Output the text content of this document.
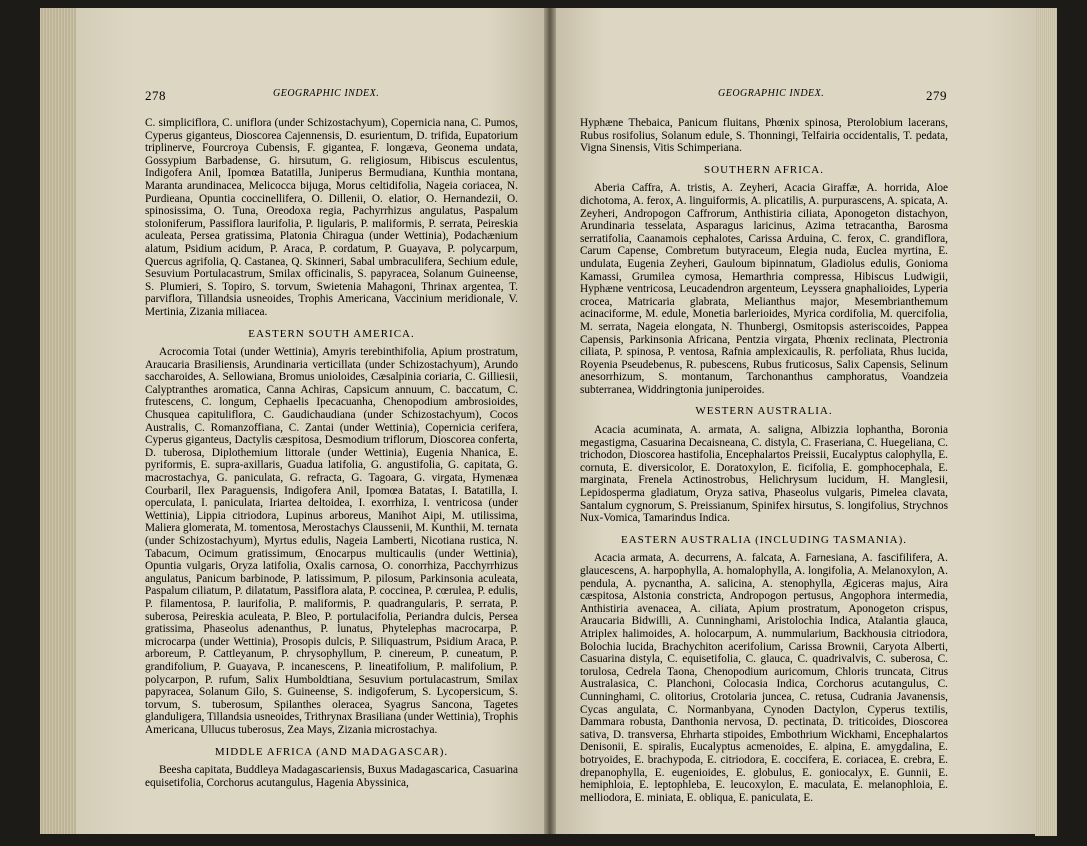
278	GEOGRAPHIC INDEX.	GEOGRAPHIC INDEX.	279

C. simpliciflora, C. uniflora (under Schizostachyum), Copernicia nana, C. Pumos, Cyperus giganteus, Dioscorea Cajennensis, D. esurientum, D. trifida, Eupatorium triplinerve, Fourcroya Cubensis, F. gigantea, F. longæva, Geonema undata, Gossypium Barbadense, G. hirsutum, G. religiosum, Hibiscus esculentus, Indigofera Anil, Ipomœa Batatilla, Juniperus Bermudiana, Kunthia montana, Maranta arundinacea, Melicocca bijuga, Morus celtidifolia, Nageia coriacea, N. Purdieana, Opuntia coccinellifera, O. Dillenii, O. elatior, O. Hernandezii, O. spinosissima, O. Tuna, Oreodoxa regia, Pachyrrhizus angulatus, Paspalum stoloniferum, Passiflora laurifolia, P. ligularis, P. maliformis, P. serrata, Peireskia aculeata, Persea gratissima, Platonia Chiragua (under Wettinia), Podachænium alatum, Psidium acidum, P. Araca, P. cordatum, P. Guayava, P. polycarpum, Quercus agrifolia, Q. Castanea, Q. Skinneri, Sabal umbraculifera, Sechium edule, Sesuvium Portulacastrum, Smilax officinalis, S. papyracea, Solanum Guineense, S. Plumieri, S. Topiro, S. torvum, Swietenia Mahagoni, Thrinax argentea, T. parviflora, Tillandsia usneoides, Trophis Americana, Vaccinium meridionale, V. Mertinia, Zizania miliacea.

EASTERN SOUTH AMERICA.

Acrocomia Totai (under Wettinia), Amyris terebinthifolia, Apium prostratum, Araucaria Brasiliensis, Arundinaria verticillata (under Schizostachyum), Arundo saccharoides, A. Sellowiana, Bromus unioloides, Cæsalpinia coriaria, C. Gilliesii, Calyptranthes aromatica, Canna Achiras, Capsicum annuum, C. baccatum, C. frutescens, C. longum, Cephaelis Ipecacuanha, Chenopodium ambrosioides, Chusquea capituliflora, C. Gaudichaudiana (under Schizostachyum), Cocos Australis, C. Romanzoffiana, C. Zantai (under Wettinia), Copernicia cerifera, Cyperus giganteus, Dactylis cæspitosa, Desmodium triflorum, Dioscorea conferta, D. tuberosa, Diplothemium littorale (under Wettinia), Eugenia Nhanica, E. pyriformis, E. supra-axillaris, Guadua latifolia, G. angustifolia, G. capitata, G. macrostachya, G. paniculata, G. refracta, G. Tagoara, G. virgata, Hymenæa Courbaril, Ilex Paraguensis, Indigofera Anil, Ipomœa Batatas, I. Batatilla, I. operculata, I. paniculata, Iriartea deltoidea, I. exorrhiza, I. ventricosa (under Wettinia), Lippia citriodora, Lupinus arboreus, Manihot Aipi, M. utilissima, Maliera glomerata, M. tomentosa, Merostachys Claussenii, M. Kunthii, M. ternata (under Schizostachyum), Myrtus edulis, Nageia Lamberti, Nicotiana rustica, N. Tabacum, Ocimum gratissimum, Œnocarpus multicaulis (under Wettinia), Opuntia vulgaris, Oryza latifolia, Oxalis carnosa, O. conorrhiza, Pacchyrrhizus angulatus, Panicum barbinode, P. latissimum, P. pilosum, Parkinsonia aculeata, Paspalum ciliatum, P. dilatatum, Passiflora alata, P. coccinea, P. cœrulea, P. edulis, P. filamentosa, P. laurifolia, P. maliformis, P. quadrangularis, P. serrata, P. suberosa, Peireskia aculeata, P. Bleo, P. portulacifolia, Periandra dulcis, Persea gratissima, Phaseolus adenanthus, P. lunatus, Phytelephas macrocarpa, P. microcarpa (under Wettinia), Prosopis dulcis, P. Siliquastrum, Psidium Araca, P. arboreum, P. Cattleyanum, P. chrysophyllum, P. cinereum, P. cuneatum, P. grandifolium, P. Guayava, P. incanescens, P. lineatifolium, P. malifolium, P. polycarpon, P. rufum, Salix Humboldtiana, Sesuvium portulacastrum, Smilax papyracea, Solanum Gilo, S. Guineense, S. indigoferum, S. Lycopersicum, S. torvum, S. tuberosum, Spilanthes oleracea, Syagrus Sancona, Tagetes glanduligera, Tillandsia usneoides, Trithrynax Brasiliana (under Wettinia), Trophis Americana, Ullucus tuberosus, Zea Mays, Zizania microstachya.

MIDDLE AFRICA (AND MADAGASCAR).

Beesha capitata, Buddleya Madagascariensis, Buxus Madagascarica, Casuarina equisetifolia, Corchorus acutangulus, Hagenia Abyssinica,

Hyphæne Thebaica, Panicum fluitans, Phœnix spinosa, Pterolobium lacerans, Rubus rosifolius, Solanum edule, S. Thonningi, Telfairia occidentalis, T. pedata, Vigna Sinensis, Vitis Schimperiana.

SOUTHERN AFRICA.

Aberia Caffra, A. tristis, A. Zeyheri, Acacia Giraffæ, A. horrida, Aloe dichotoma, A. ferox, A. linguiformis, A. plicatilis, A. purpurascens, A. spicata, A. Zeyheri, Andropogon Caffrorum, Anthistiria ciliata, Aponogeton distachyon, Arundinaria tesselata, Asparagus laricinus, Azima tetracantha, Barosma serratifolia, Caanamois cephalotes, Carissa Arduina, C. ferox, C. grandiflora, Carum Capense, Combretum butyraceum, Elegia nuda, Euclea myrtina, E. undulata, Eugenia Zeyheri, Gauloum bipinnatum, Gladiolus edulis, Gonioma Kamassi, Grumilea cymosa, Hemarthria compressa, Hibiscus Ludwigii, Hyphæne ventricosa, Leucadendron argenteum, Leyssera gnaphalioides, Lyperia crocea, Matricaria glabrata, Melianthus major, Mesembrianthemum acinaciforme, M. edule, Monetia barlerioides, Myrica cordifolia, M. quercifolia, M. serrata, Nageia elongata, N. Thunbergi, Osmitopsis asteriscoides, Pappea Capensis, Parkinsonia Africana, Pentzia virgata, Phœnix reclinata, Plectronia ciliata, P. spinosa, P. ventosa, Rafnia amplexicaulis, R. perfoliata, Rhus lucida, Royenia Pseudebenus, R. pubescens, Rubus fruticosus, Salix Capensis, Selinum anesorrhizum, S. montanum, Tarchonanthus camphoratus, Voandzeia subterranea, Widdringtonia juniperoides.

WESTERN AUSTRALIA.

Acacia acuminata, A. armata, A. saligna, Albizzia lophantha, Boronia megastigma, Casuarina Decaisneana, C. distyla, C. Fraseriana, C. Huegeliana, C. trichodon, Dioscorea hastifolia, Encephalartos Preissii, Eucalyptus calophylla, E. cornuta, E. diversicolor, E. Doratoxylon, E. ficifolia, E. gomphocephala, E. marginata, Frenela Actinostrobus, Helichrysum lucidum, H. Manglesii, Lepidosperma gladiatum, Oryza sativa, Phaseolus vulgaris, Pimelea clavata, Santalum cygnorum, S. Preissianum, Spinifex hirsutus, S. longifolius, Strychnos Nux-Vomica, Tamarindus Indica.

EASTERN AUSTRALIA (INCLUDING TASMANIA).

Acacia armata, A. decurrens, A. falcata, A. Farnesiana, A. fascifilifera, A. glaucescens, A. harpophylla, A. homalophylla, A. longifolia, A. Melanoxylon, A. pendula, A. pycnantha, A. salicina, A. stenophylla, Ægiceras majus, Aira cæspitosa, Alstonia constricta, Andropogon pertusus, Angophora intermedia, Anthistiria avenacea, A. ciliata, Apium prostratum, Aponogeton crispus, Araucaria Bidwilli, A. Cunninghami, Aristolochia Indica, Atalantia glauca, Atriplex halimoides, A. holocarpum, A. nummularium, Backhousia citriodora, Bolochia lucida, Brachychiton acerifolium, Carissa Brownii, Caryota Alberti, Casuarina distyla, C. equisetifolia, C. glauca, C. quadrivalvis, C. suberosa, C. torulosa, Cedrela Taona, Chenopodium auricomum, Chloris truncata, Citrus Australasica, C. Planchoni, Colocasia Indica, Corchorus acutangulus, C. Cunninghami, C. olitorius, Crotolaria juncea, C. retusa, Cudrania Javanensis, Cycas angulata, C. Normanbyana, Cynoden Dactylon, Cyperus textilis, Dammara robusta, Danthonia nervosa, D. pectinata, D. triticoides, Dioscorea sativa, D. transversa, Ehrharta stipoides, Embothrium Wickhami, Encephalartos Denisonii, E. spiralis, Eucalyptus acmenoides, E. alpina, E. amygdalina, E. botryoides, E. brachypoda, E. citriodora, E. coccifera, E. coriacea, E. crebra, E. drepanophylla, E. eugenioides, E. globulus, E. goniocalyx, E. Gunnii, E. hemiphloia, E. leptophleba, E. leucoxylon, E. maculata, E. melanophloia, E. melliodora, E. miniata, E. obliqua, E. paniculata, E.
